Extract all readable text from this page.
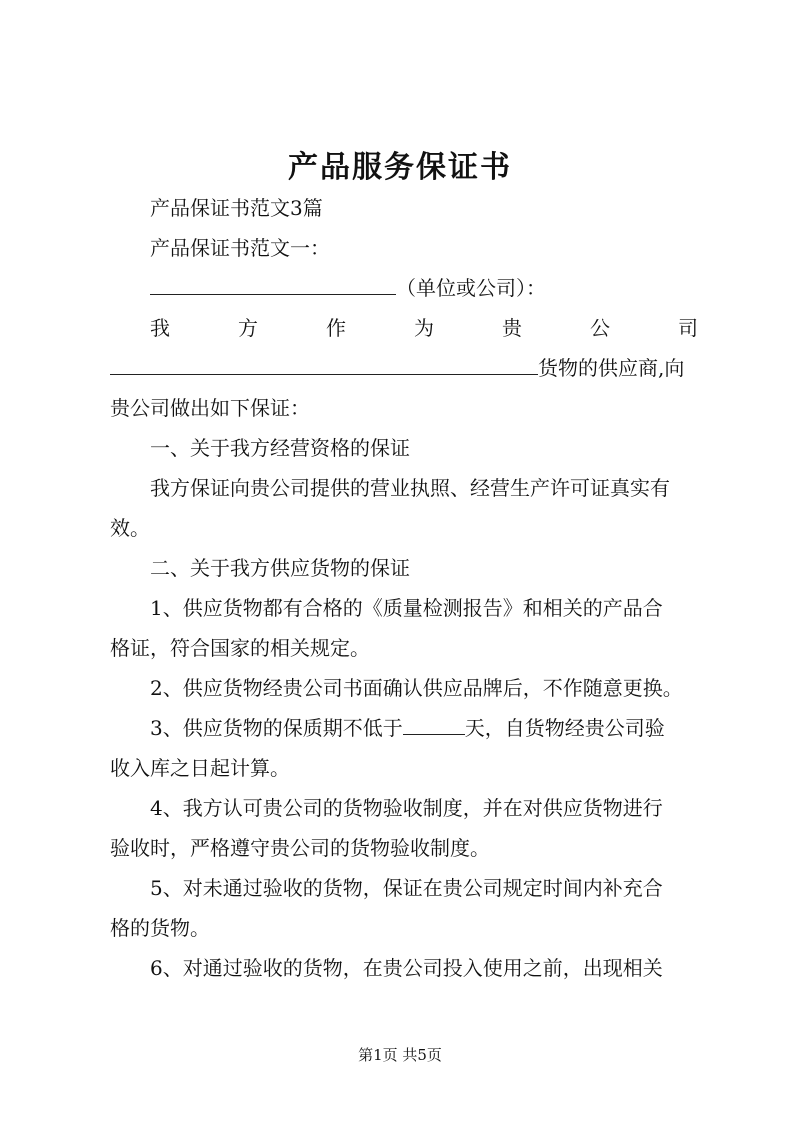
产品服务保证书
产品保证书范文3篇
产品保证书范文一：
（单位或公司）：
我	方	作	为	贵	公	司
货物的供应商,向
贵公司做出如下保证：
一、关于我方经营资格的保证
我方保证向贵公司提供的营业执照、经营生产许可证真实有
效。
二、关于我方供应货物的保证
1、供应货物都有合格的《质量检测报告》和相关的产品合
格证，符合国家的相关规定。
2、供应货物经贵公司书面确认供应品牌后，不作随意更换。
3、供应货物的保质期不低于	天，自货物经贵公司验
收入库之日起计算。
4、我方认可贵公司的货物验收制度，并在对供应货物进行
验收时，严格遵守贵公司的货物验收制度。
5、对未通过验收的货物，保证在贵公司规定时间内补充合
格的货物。
6、对通过验收的货物，在贵公司投入使用之前，出现相关
第1页 共5页
